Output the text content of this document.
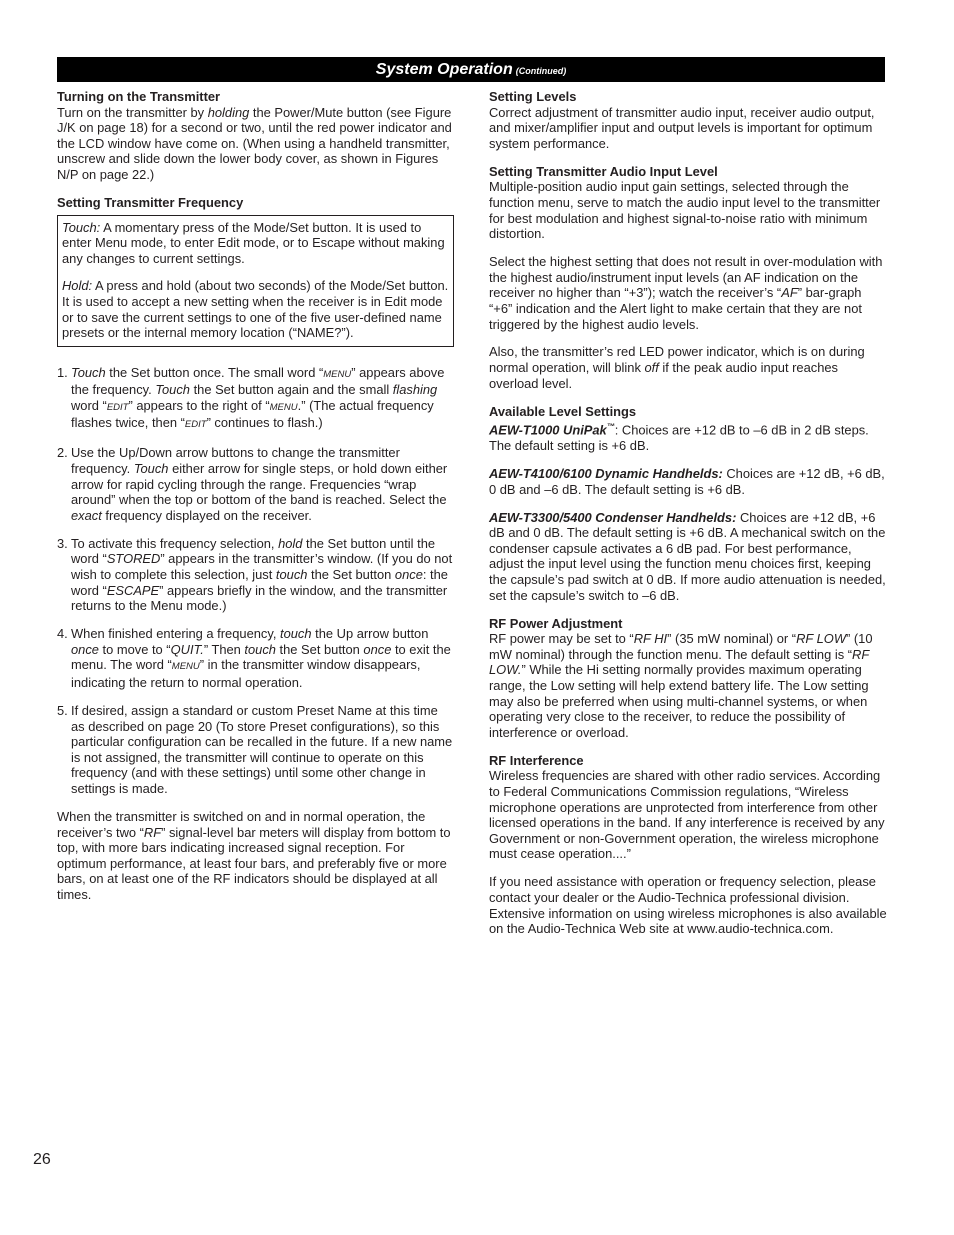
System Operation (Continued)
Turning on the Transmitter

Turn on the transmitter by holding the Power/Mute button (see Figure J/K on page 18) for a second or two, until the red power indicator and the LCD window have come on. (When using a handheld transmitter, unscrew and slide down the lower body cover, as shown in Figures N/P on page 22.)

Setting Transmitter Frequency

Touch: A momentary press of the Mode/Set button. It is used to enter Menu mode, to enter Edit mode, or to Escape without making any changes to current settings.

Hold: A press and hold (about two seconds) of the Mode/Set button. It is used to accept a new setting when the receiver is in Edit mode or to save the current settings to one of the five user-defined name presets or the internal memory location (“NAME?”).

1. Touch the Set button once. The small word “MENU” appears above the frequency. Touch the Set button again and the small flashing word “EDIT” appears to the right of “MENU.” (The actual frequency flashes twice, then “EDIT” continues to flash.)
2. Use the Up/Down arrow buttons to change the transmitter frequency. Touch either arrow for single steps, or hold down either arrow for rapid cycling through the range. Frequencies “wrap around” when the top or bottom of the band is reached. Select the exact frequency displayed on the receiver.
3. To activate this frequency selection, hold the Set button until the word “STORED” appears in the transmitter’s window. (If you do not wish to complete this selection, just touch the Set button once: the word “ESCAPE” appears briefly in the window, and the transmitter returns to the Menu mode.)
4. When finished entering a frequency, touch the Up arrow button once to move to “QUIT.” Then touch the Set button once to exit the menu. The word “MENU” in the transmitter window disappears, indicating the return to normal operation.
5. If desired, assign a standard or custom Preset Name at this time as described on page 20 (To store Preset configurations), so this particular configuration can be recalled in the future. If a new name is not assigned, the transmitter will continue to operate on this frequency (and with these settings) until some other change in settings is made.

When the transmitter is switched on and in normal operation, the receiver’s two “RF” signal-level bar meters will display from bottom to top, with more bars indicating increased signal reception. For optimum performance, at least four bars, and preferably five or more bars, on at least one of the RF indicators should be displayed at all times.

Setting Levels

Correct adjustment of transmitter audio input, receiver audio output, and mixer/amplifier input and output levels is important for optimum system performance.

Setting Transmitter Audio Input Level

Multiple-position audio input gain settings, selected through the function menu, serve to match the audio input level to the transmitter for best modulation and highest signal-to-noise ratio with minimum distortion.

Select the highest setting that does not result in over-modulation with the highest audio/instrument input levels (an AF indication on the receiver no higher than “+3”); watch the receiver’s “AF” bar-graph “+6” indication and the Alert light to make certain that they are not triggered by the highest audio levels.

Also, the transmitter’s red LED power indicator, which is on during normal operation, will blink off if the peak audio input reaches overload level.

Available Level Settings

AEW-T1000 UniPak™: Choices are +12 dB to –6 dB in 2 dB steps. The default setting is +6 dB.

AEW-T4100/6100 Dynamic Handhelds: Choices are +12 dB, +6 dB, 0 dB and –6 dB. The default setting is +6 dB.

AEW-T3300/5400 Condenser Handhelds: Choices are +12 dB, +6 dB and 0 dB. The default setting is +6 dB. A mechanical switch on the condenser capsule activates a 6 dB pad. For best performance, adjust the input level using the function menu choices first, keeping the capsule’s pad switch at 0 dB. If more audio attenuation is needed, set the capsule’s switch to –6 dB.

RF Power Adjustment

RF power may be set to “RF HI” (35 mW nominal) or “RF LOW” (10 mW nominal) through the function menu. The default setting is “RF LOW.” While the Hi setting normally provides maximum operating range, the Low setting will help extend battery life. The Low setting may also be preferred when using multi-channel systems, or when operating very close to the receiver, to reduce the possibility of interference or overload.

RF Interference

Wireless frequencies are shared with other radio services. According to Federal Communications Commission regulations, “Wireless microphone operations are unprotected from interference from other licensed operations in the band. If any interference is received by any Government or non-Government operation, the wireless microphone must cease operation....”

If you need assistance with operation or frequency selection, please contact your dealer or the Audio-Technica professional division. Extensive information on using wireless microphones is also available on the Audio-Technica Web site at www.audio-technica.com.

26
